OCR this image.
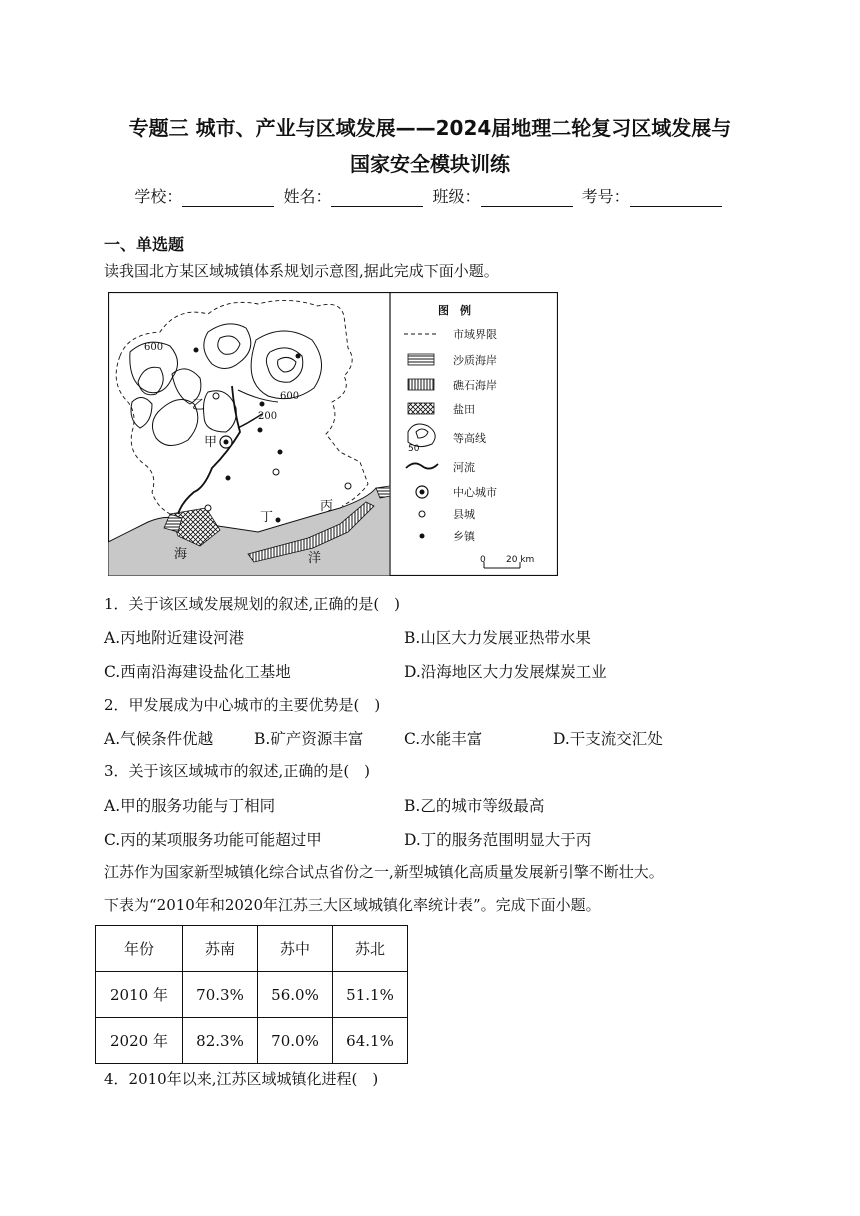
专题三 城市、产业与区域发展——2024届地理二轮复习区域发展与
国家安全模块训练
学校：	姓名：	班级：	考号：
一、单选题
读我国北方某区域城镇体系规划示意图,据此完成下面小题。
600
600
200
乙
甲
丙
丁
海	洋
图　例
市域界限
沙质海岸
礁石海岸
盐田
50
等高线
河流
中心城市
县城
乡镇
0 20 km
1．关于该区域发展规划的叙述,正确的是(　)
A.丙地附近建设河港	B.山区大力发展亚热带水果
C.西南沿海建设盐化工基地	D.沿海地区大力发展煤炭工业
2．甲发展成为中心城市的主要优势是(　)
A.气候条件优越	B.矿产资源丰富	C.水能丰富	D.干支流交汇处
3．关于该区域城市的叙述,正确的是(　)
A.甲的服务功能与丁相同	B.乙的城市等级最高
C.丙的某项服务功能可能超过甲	D.丁的服务范围明显大于丙
江苏作为国家新型城镇化综合试点省份之一,新型城镇化高质量发展新引擎不断壮大。
下表为“2010年和2020年江苏三大区域城镇化率统计表”。完成下面小题。
年份	苏南	苏中	苏北
2010 年	70.3%	56.0%	51.1%
2020 年	82.3%	70.0%	64.1%
4．2010年以来,江苏区域城镇化进程(　)
